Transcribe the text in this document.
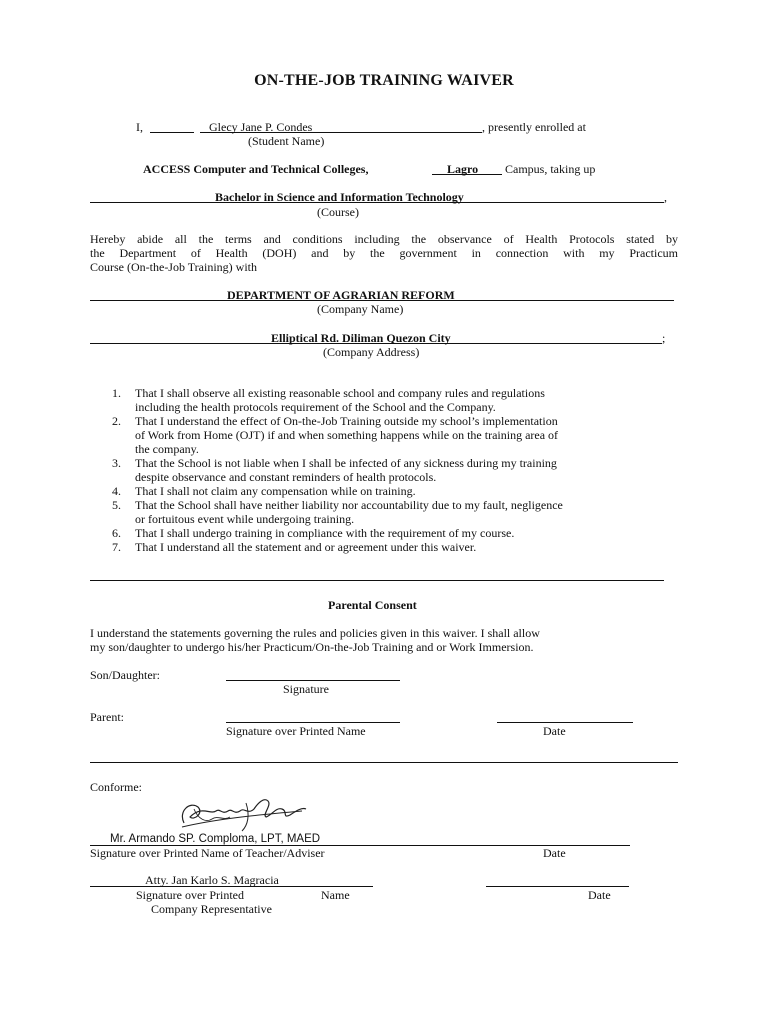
ON-THE-JOB TRAINING WAIVER
I,	Glecy Jane P. Condes	, presently enrolled at
(Student Name)
ACCESS Computer and Technical Colleges,	Lagro Campus, taking up
Bachelor in Science and Information Technology	,
(Course)
Hereby abide all the terms and conditions including the observance of Health Protocols stated by
the Department of Health (DOH) and by the government in connection with my Practicum
Course (On-the-Job Training) with
DEPARTMENT OF AGRARIAN REFORM
(Company Name)
Elliptical Rd. Diliman Quezon City	;
(Company Address)
1. That I shall observe all existing reasonable school and company rules and regulations
including the health protocols requirement of the School and the Company.
2. That I understand the effect of On-the-Job Training outside my school’s implementation
of Work from Home (OJT) if and when something happens while on the training area of
the company.
3. That the School is not liable when I shall be infected of any sickness during my training
despite observance and constant reminders of health protocols.
4. That I shall not claim any compensation while on training.
5. That the School shall have neither liability nor accountability due to my fault, negligence
or fortuitous event while undergoing training.
6. That I shall undergo training in compliance with the requirement of my course.
7. That I understand all the statement and or agreement under this waiver.
Parental Consent
I understand the statements governing the rules and policies given in this waiver. I shall allow
my son/daughter to undergo his/her Practicum/On-the-Job Training and or Work Immersion.
Son/Daughter:
Signature
Parent:
Signature over Printed Name	Date
Conforme:
Mr. Armando SP. Comploma, LPT, MAED
Signature over Printed Name of Teacher/Adviser	Date
Atty. Jan Karlo S. Magracia
Signature over Printed	Name	Date
Company Representative
